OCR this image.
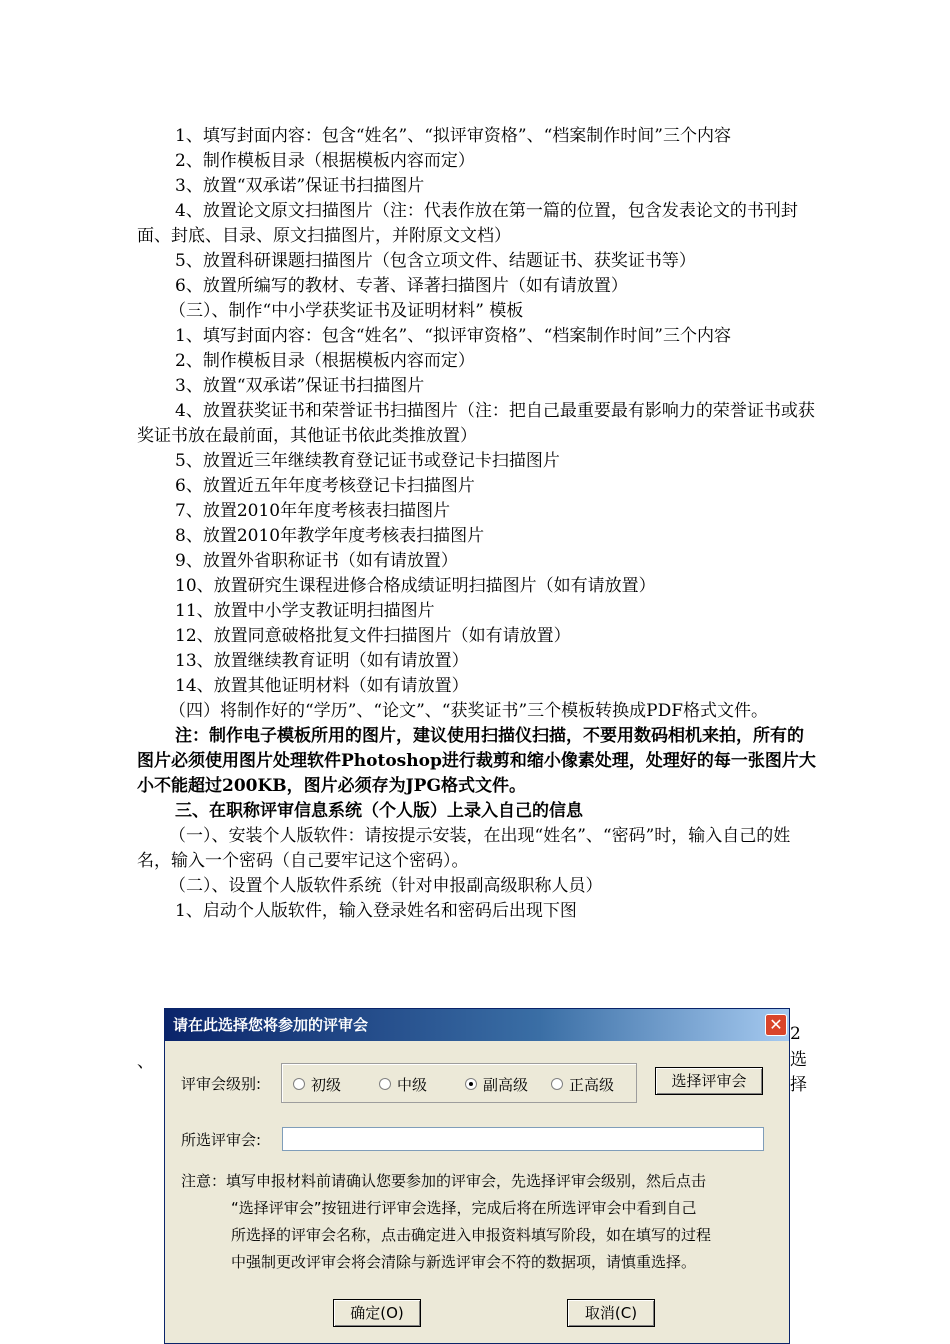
1、填写封面内容：包含“姓名”、“拟评审资格”、“档案制作时间”三个内容

2、制作模板目录（根据模板内容而定）

3、放置“双承诺”保证书扫描图片

4、放置论文原文扫描图片（注：代表作放在第一篇的位置，包含发表论文的书刊封面、封底、目录、原文扫描图片，并附原文文档）

5、放置科研课题扫描图片（包含立项文件、结题证书、获奖证书等）

6、放置所编写的教材、专著、译著扫描图片（如有请放置）

（三）、制作“中小学获奖证书及证明材料” 模板

1、填写封面内容：包含“姓名”、“拟评审资格”、“档案制作时间”三个内容

2、制作模板目录（根据模板内容而定）

3、放置“双承诺”保证书扫描图片

4、放置获奖证书和荣誉证书扫描图片（注：把自己最重要最有影响力的荣誉证书或获奖证书放在最前面，其他证书依此类推放置）

5、放置近三年继续教育登记证书或登记卡扫描图片

6、放置近五年年度考核登记卡扫描图片

7、放置2010年年度考核表扫描图片

8、放置2010年教学年度考核表扫描图片

9、放置外省职称证书（如有请放置）

10、放置研究生课程进修合格成绩证明扫描图片（如有请放置）

11、放置中小学支教证明扫描图片

12、放置同意破格批复文件扫描图片（如有请放置）

13、放置继续教育证明（如有请放置）

14、放置其他证明材料（如有请放置）

（四）将制作好的“学历”、“论文”、“获奖证书”三个模板转换成PDF格式文件。

注：制作电子模板所用的图片，建议使用扫描仪扫描，不要用数码相机来拍，所有的图片必须使用图片处理软件Photoshop进行裁剪和缩小像素处理，处理好的每一张图片大小不能超过200KB，图片必须存为JPG格式文件。

三、在职称评审信息系统（个人版）上录入自己的信息

（一）、安装个人版软件：请按提示安装，在出现“姓名”、“密码”时，输入自己的姓名，输入一个密码（自己要牢记这个密码）。

（二）、设置个人版软件系统（针对申报副高级职称人员）

1、启动个人版软件，输入登录姓名和密码后出现下图

、
2
选
择
请在此选择您将参加的评审会	✕
评审会级别:	初级	中级	副高级	正高级	选择评审会
所选评审会:
注意：填写申报材料前请确认您要参加的评审会，先选择评审会级别，然后点击
“选择评审会”按钮进行评审会选择，完成后将在所选评审会中看到自己
所选择的评审会名称，点击确定进入申报资料填写阶段，如在填写的过程
中强制更改评审会将会清除与新选评审会不符的数据项，请慎重选择。
确定(O)	取消(C)
